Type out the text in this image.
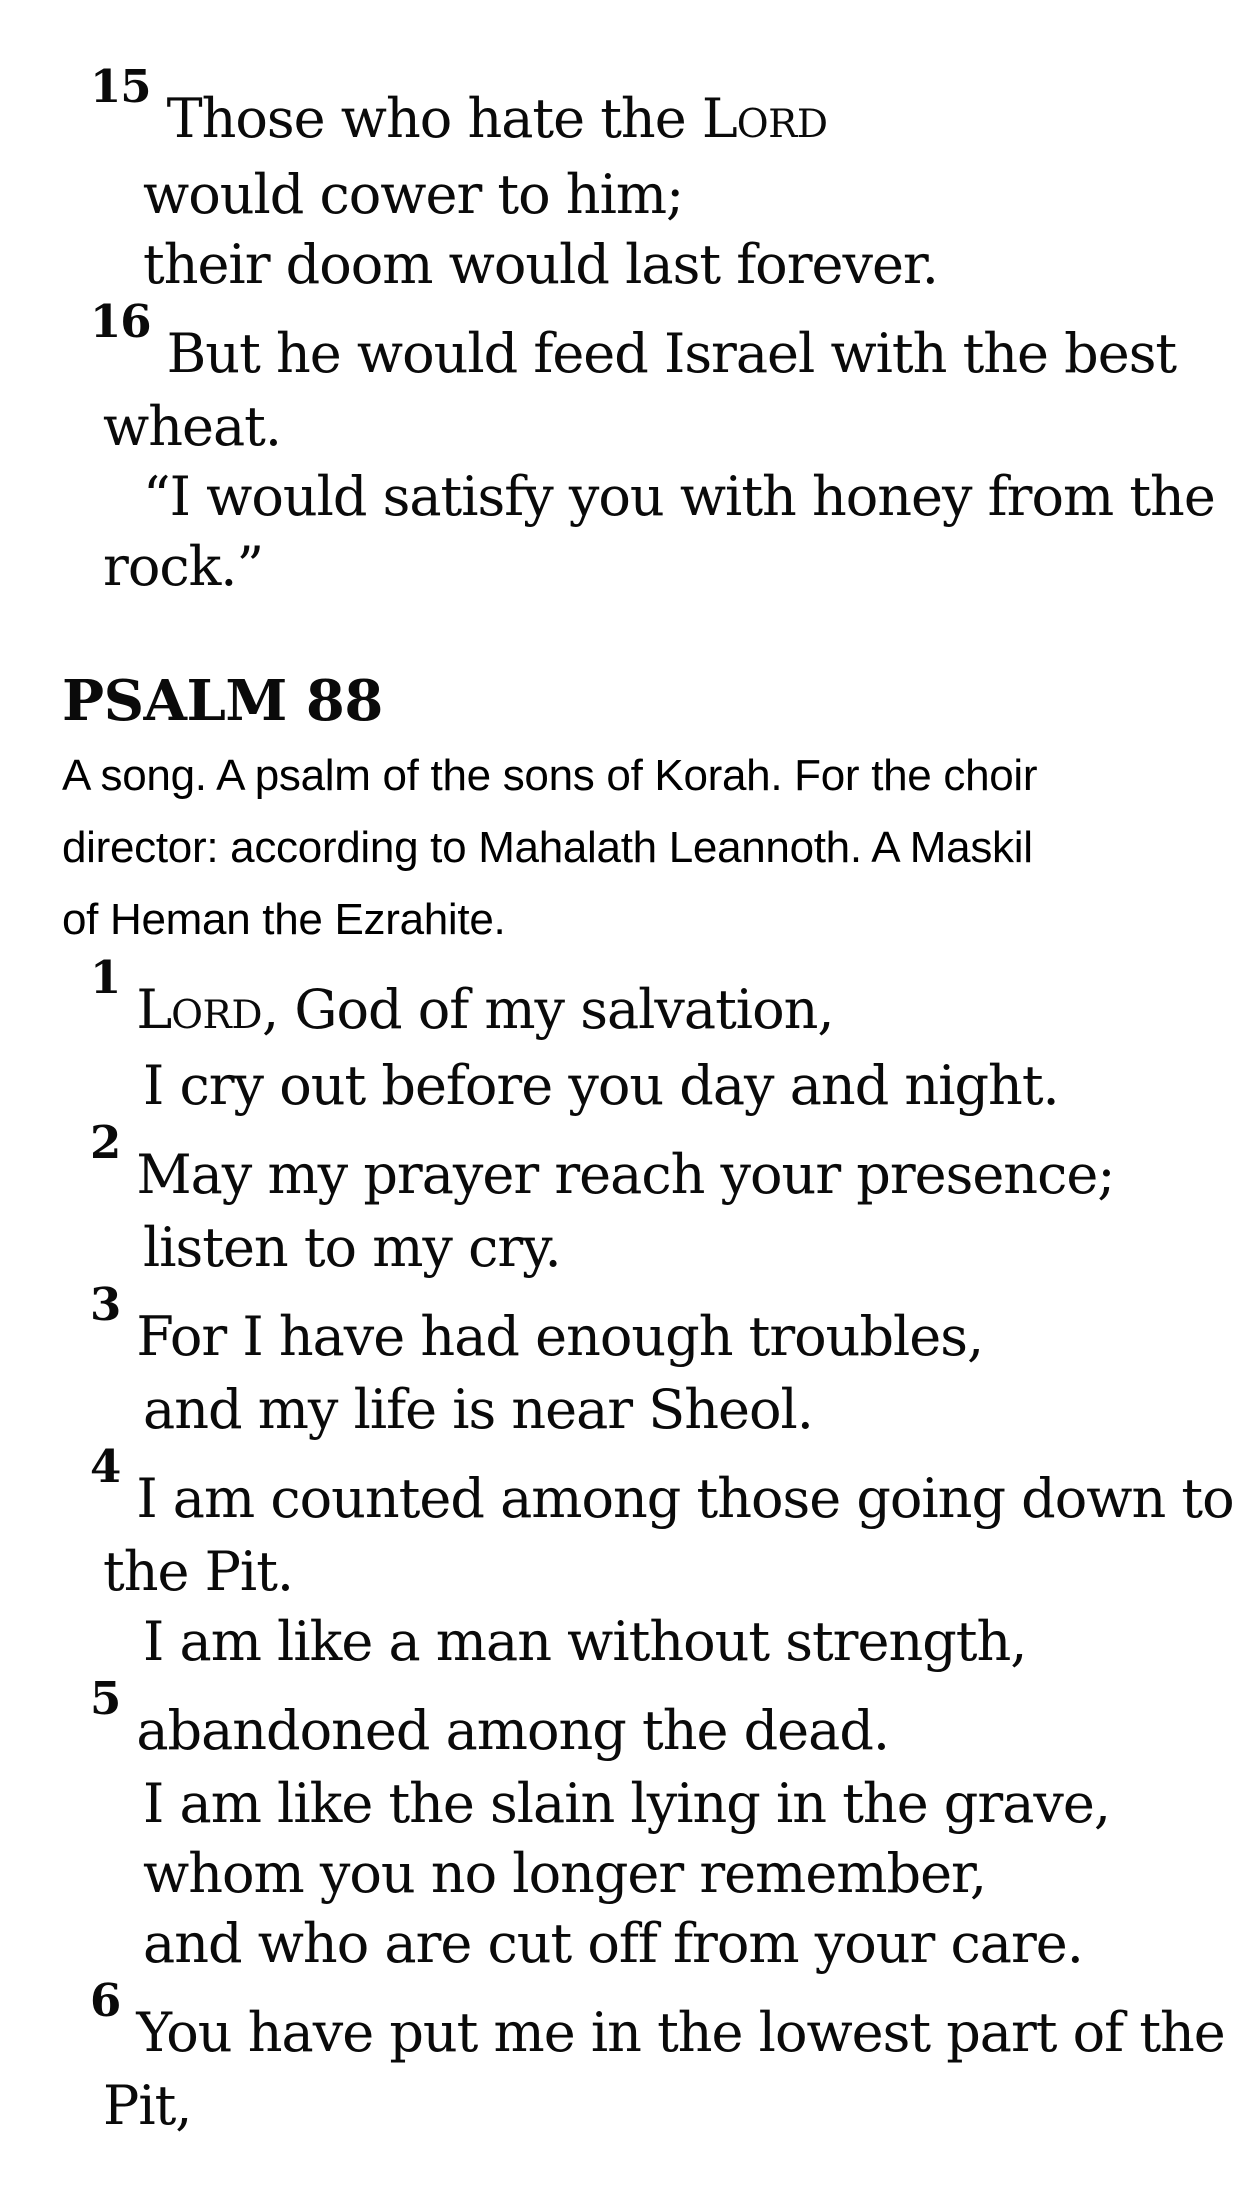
$^{15}$Those who hate the LORD
would cower to him;
their doom would last forever.
$^{16}$But he would feed Israel with the best
wheat.
“I would satisfy you with honey from the
rock.”
PSALM 88
A song. A psalm of the sons of Korah. For the choir
director: according to Mahalath Leannoth. A Maskil
of Heman the Ezrahite.
$^1$LORD, God of my salvation,
I cry out before you day and night.
$^2$May my prayer reach your presence;
listen to my cry.
$^3$For I have had enough troubles,
and my life is near Sheol.
$^4$I am counted among those going down to
the Pit.
I am like a man without strength,
$^5$abandoned among the dead.
I am like the slain lying in the grave,
whom you no longer remember,
and who are cut off from your care.
$^6$You have put me in the lowest part of the
Pit,
